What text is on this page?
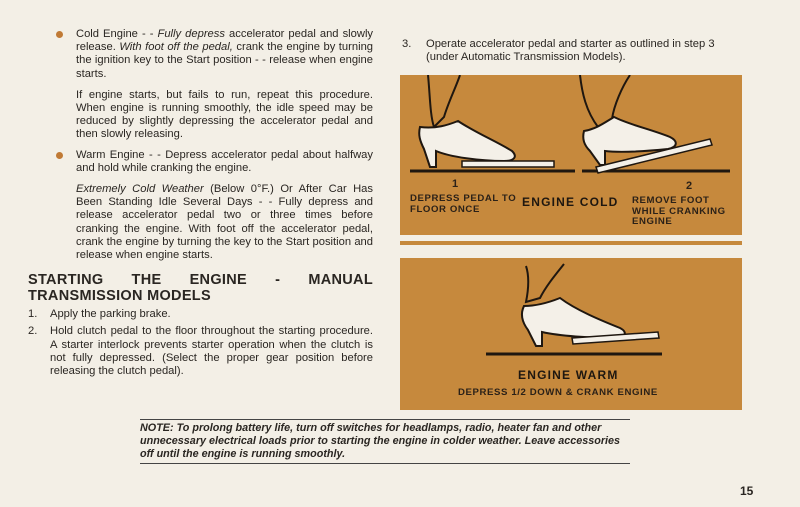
Cold Engine - - Fully depress accelerator pedal and slowly release. With foot off the pedal, crank the engine by turning the ignition key to the Start position - - release when engine starts.
If engine starts, but fails to run, repeat this procedure. When engine is running smoothly, the idle speed may be reduced by slightly depressing the accelerator pedal and then slowly releasing.
Warm Engine - - Depress accelerator pedal about halfway and hold while cranking the engine.
Extremely Cold Weather (Below 0°F.) Or After Car Has Been Standing Idle Several Days - - Fully depress and release accelerator pedal two or three times before cranking the engine. With foot off the accelerator pedal, crank the engine by turning the key to the Start position and release when engine starts.
STARTING THE ENGINE - MANUAL TRANSMISSION MODELS
1. Apply the parking brake.
2. Hold clutch pedal to the floor throughout the starting procedure. A starter interlock prevents starter operation when the clutch is not fully depressed. (Select the proper gear position before releasing the clutch pedal).
3. Operate accelerator pedal and starter as outlined in step 3 (under Automatic Transmission Models).
1
DEPRESS PEDAL TO FLOOR ONCE	ENGINE COLD
2
REMOVE FOOT WHILE CRANKING ENGINE
ENGINE WARM
DEPRESS 1/2 DOWN & CRANK ENGINE
NOTE: To prolong battery life, turn off switches for headlamps, radio, heater fan and other unnecessary electrical loads prior to starting the engine in colder weather. Leave accessories off until the engine is running smoothly.
15
